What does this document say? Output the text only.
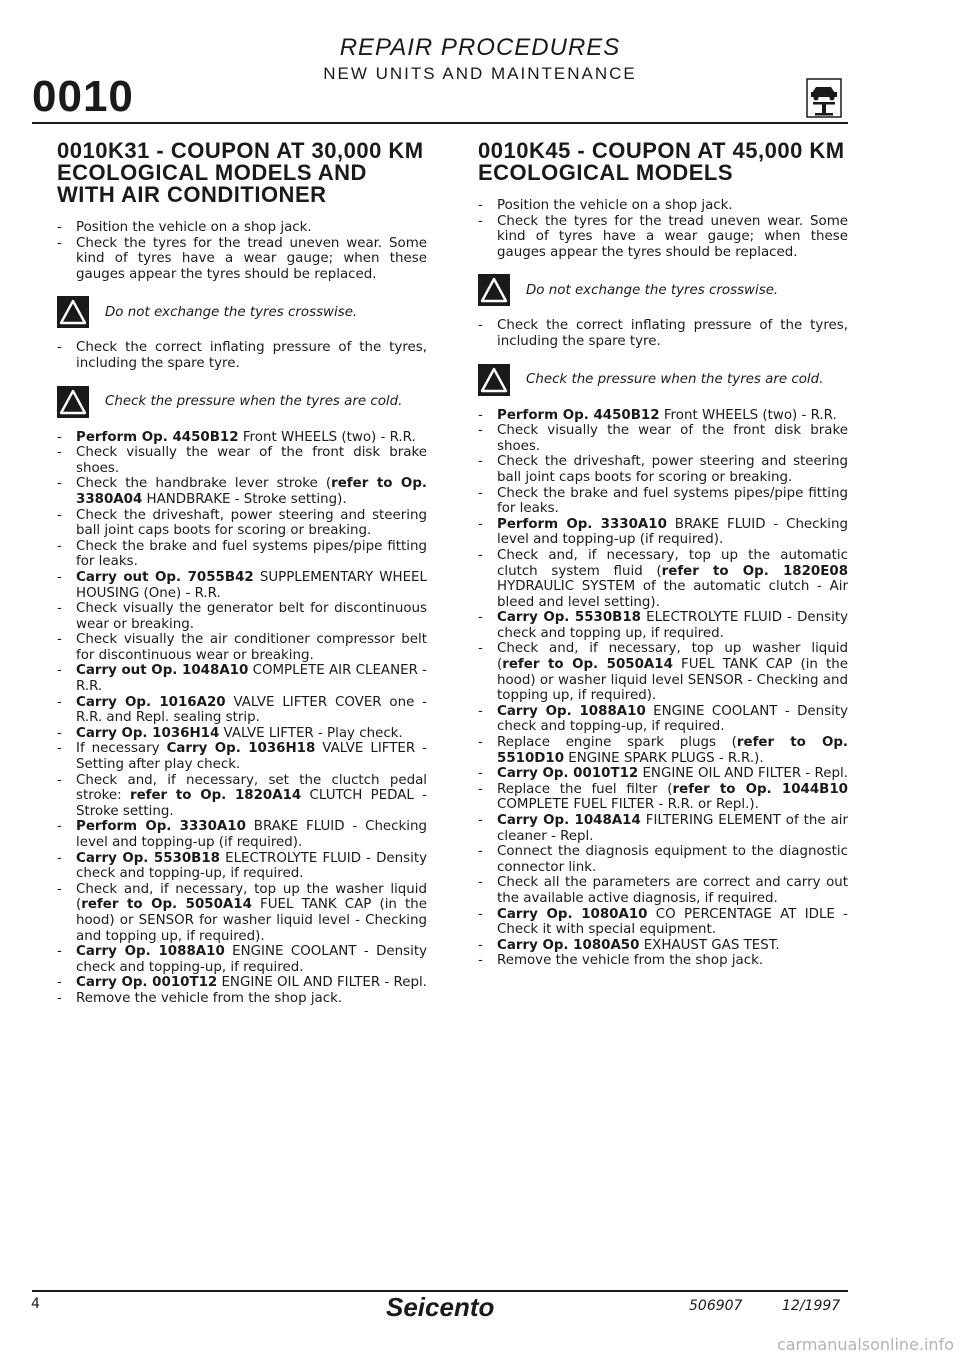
0010
REPAIR PROCEDURES
NEW UNITS AND MAINTENANCE
0010K31 - COUPON AT 30,000 KM ECOLOGICAL MODELS AND WITH AIR CONDITIONER
- Position the vehicle on a shop jack.
- Check the tyres for the tread uneven wear. Some kind of tyres have a wear gauge; when these gauges appear the tyres should be replaced.
Do not exchange the tyres crosswise.
- Check the correct inflating pressure of the tyres, including the spare tyre.
Check the pressure when the tyres are cold.
- Perform Op. 4450B12 Front WHEELS (two) - R.R.
- Check visually the wear of the front disk brake shoes.
- Check the handbrake lever stroke (refer to Op. 3380A04 HANDBRAKE - Stroke setting).
- Check the driveshaft, power steering and steering ball joint caps boots for scoring or breaking.
- Check the brake and fuel systems pipes/pipe fitting for leaks.
- Carry out Op. 7055B42 SUPPLEMENTARY WHEEL HOUSING (One) - R.R.
- Check visually the generator belt for discontinuous wear or breaking.
- Check visually the air conditioner compressor belt for discontinuous wear or breaking.
- Carry out Op. 1048A10 COMPLETE AIR CLEANER - R.R.
- Carry Op. 1016A20 VALVE LIFTER COVER one - R.R. and Repl. sealing strip.
- Carry Op. 1036H14 VALVE LIFTER - Play check.
- If necessary Carry Op. 1036H18 VALVE LIFTER - Setting after play check.
- Check and, if necessary, set the cluctch pedal stroke: refer to Op. 1820A14 CLUTCH PEDAL - Stroke setting.
- Perform Op. 3330A10 BRAKE FLUID - Checking level and topping-up (if required).
- Carry Op. 5530B18 ELECTROLYTE FLUID - Density check and topping-up, if required.
- Check and, if necessary, top up the washer liquid (refer to Op. 5050A14 FUEL TANK CAP (in the hood) or SENSOR for washer liquid level - Checking and topping up, if required).
- Carry Op. 1088A10 ENGINE COOLANT - Density check and topping-up, if required.
- Carry Op. 0010T12 ENGINE OIL AND FILTER - Repl.
- Remove the vehicle from the shop jack.
0010K45 - COUPON AT 45,000 KM ECOLOGICAL MODELS
- Position the vehicle on a shop jack.
- Check the tyres for the tread uneven wear. Some kind of tyres have a wear gauge; when these gauges appear the tyres should be replaced.
Do not exchange the tyres crosswise.
- Check the correct inflating pressure of the tyres, including the spare tyre.
Check the pressure when the tyres are cold.
- Perform Op. 4450B12 Front WHEELS (two) - R.R.
- Check visually the wear of the front disk brake shoes.
- Check the driveshaft, power steering and steering ball joint caps boots for scoring or breaking.
- Check the brake and fuel systems pipes/pipe fitting for leaks.
- Perform Op. 3330A10 BRAKE FLUID - Checking level and topping-up (if required).
- Check and, if necessary, top up the automatic clutch system fluid (refer to Op. 1820E08 HYDRAULIC SYSTEM of the automatic clutch - Air bleed and level setting).
- Carry Op. 5530B18 ELECTROLYTE FLUID - Density check and topping up, if required.
- Check and, if necessary, top up washer liquid (refer to Op. 5050A14 FUEL TANK CAP (in the hood) or washer liquid level SENSOR - Checking and topping up, if required).
- Carry Op. 1088A10 ENGINE COOLANT - Density check and topping-up, if required.
- Replace engine spark plugs (refer to Op. 5510D10 ENGINE SPARK PLUGS - R.R.).
- Carry Op. 0010T12 ENGINE OIL AND FILTER - Repl.
- Replace the fuel filter (refer to Op. 1044B10 COMPLETE FUEL FILTER - R.R. or Repl.).
- Carry Op. 1048A14 FILTERING ELEMENT of the air cleaner - Repl.
- Connect the diagnosis equipment to the diagnostic connector link.
- Check all the parameters are correct and carry out the available active diagnosis, if required.
- Carry Op. 1080A10 CO PERCENTAGE AT IDLE - Check it with special equipment.
- Carry Op. 1080A50 EXHAUST GAS TEST.
- Remove the vehicle from the shop jack.
4	Seicento	506907	12/1997
carmanualsonline.info
